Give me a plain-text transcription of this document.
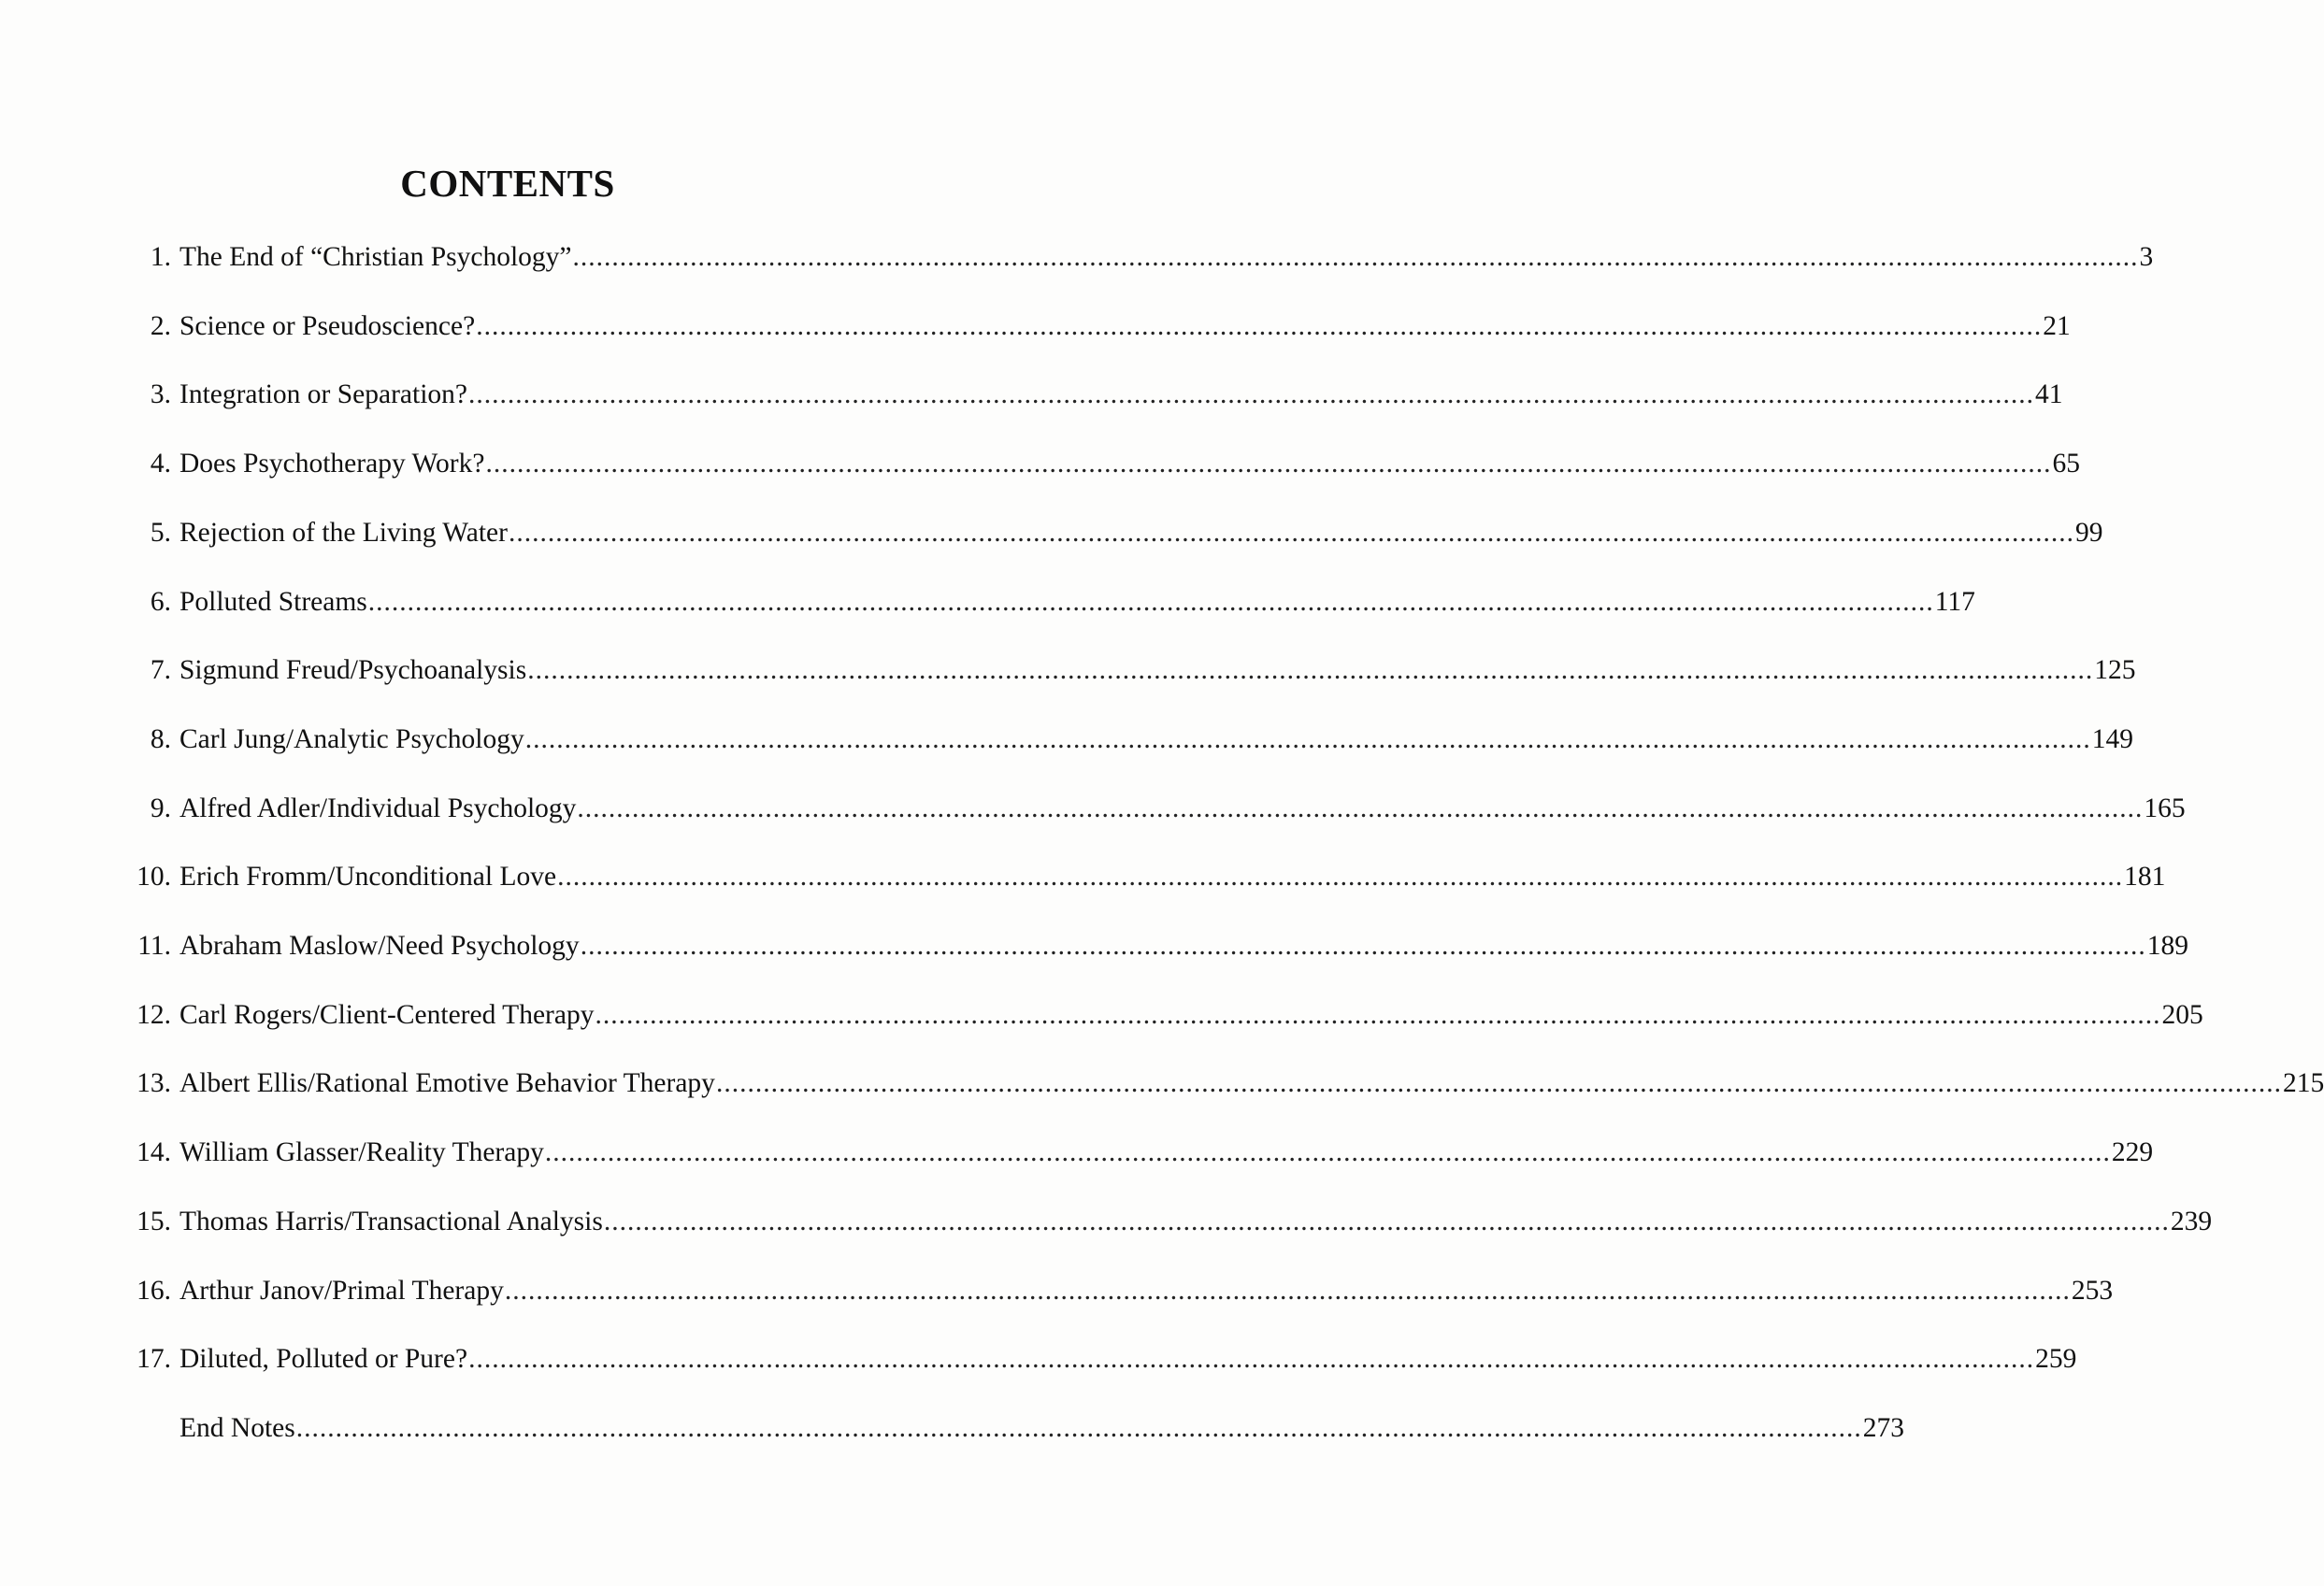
CONTENTS
1. The End of “Christian Psychology” ........................................................................................................................................................................................................ 3
2. Science or Pseudoscience? ........................................................................................................................................................................................................ 21
3. Integration or Separation? ........................................................................................................................................................................................................ 41
4. Does Psychotherapy Work? ........................................................................................................................................................................................................ 65
5. Rejection of the Living Water ........................................................................................................................................................................................................ 99
6. Polluted Streams ........................................................................................................................................................................................................ 117
7. Sigmund Freud/Psychoanalysis ........................................................................................................................................................................................................ 125
8. Carl Jung/Analytic Psychology ........................................................................................................................................................................................................ 149
9. Alfred Adler/Individual Psychology ........................................................................................................................................................................................................ 165
10. Erich Fromm/Unconditional Love ........................................................................................................................................................................................................ 181
11. Abraham Maslow/Need Psychology ........................................................................................................................................................................................................ 189
12. Carl Rogers/Client-Centered Therapy ........................................................................................................................................................................................................ 205
13. Albert Ellis/Rational Emotive Behavior Therapy ........................................................................................................................................................................................................ 215
14. William Glasser/Reality Therapy ........................................................................................................................................................................................................ 229
15. Thomas Harris/Transactional Analysis ........................................................................................................................................................................................................ 239
16. Arthur Janov/Primal Therapy ........................................................................................................................................................................................................ 253
17. Diluted, Polluted or Pure? ........................................................................................................................................................................................................ 259
End Notes ........................................................................................................................................................................................................ 273
